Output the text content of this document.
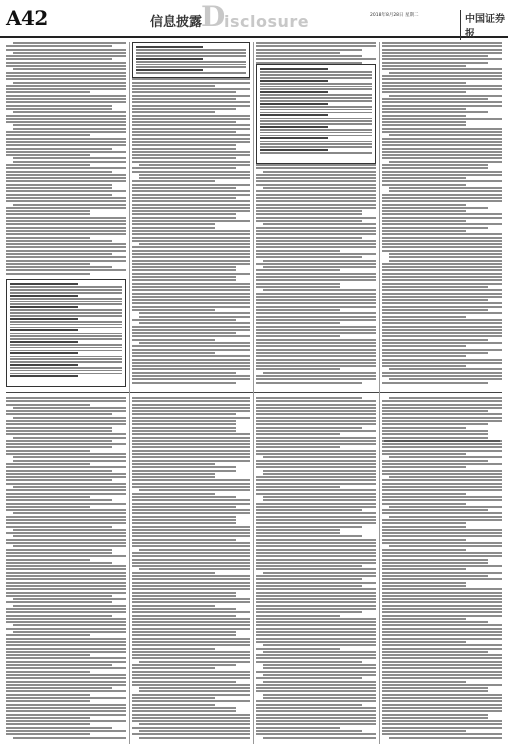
A42	信息披露
D
isclosure	2018年8月28日 星期二	中国证券报
